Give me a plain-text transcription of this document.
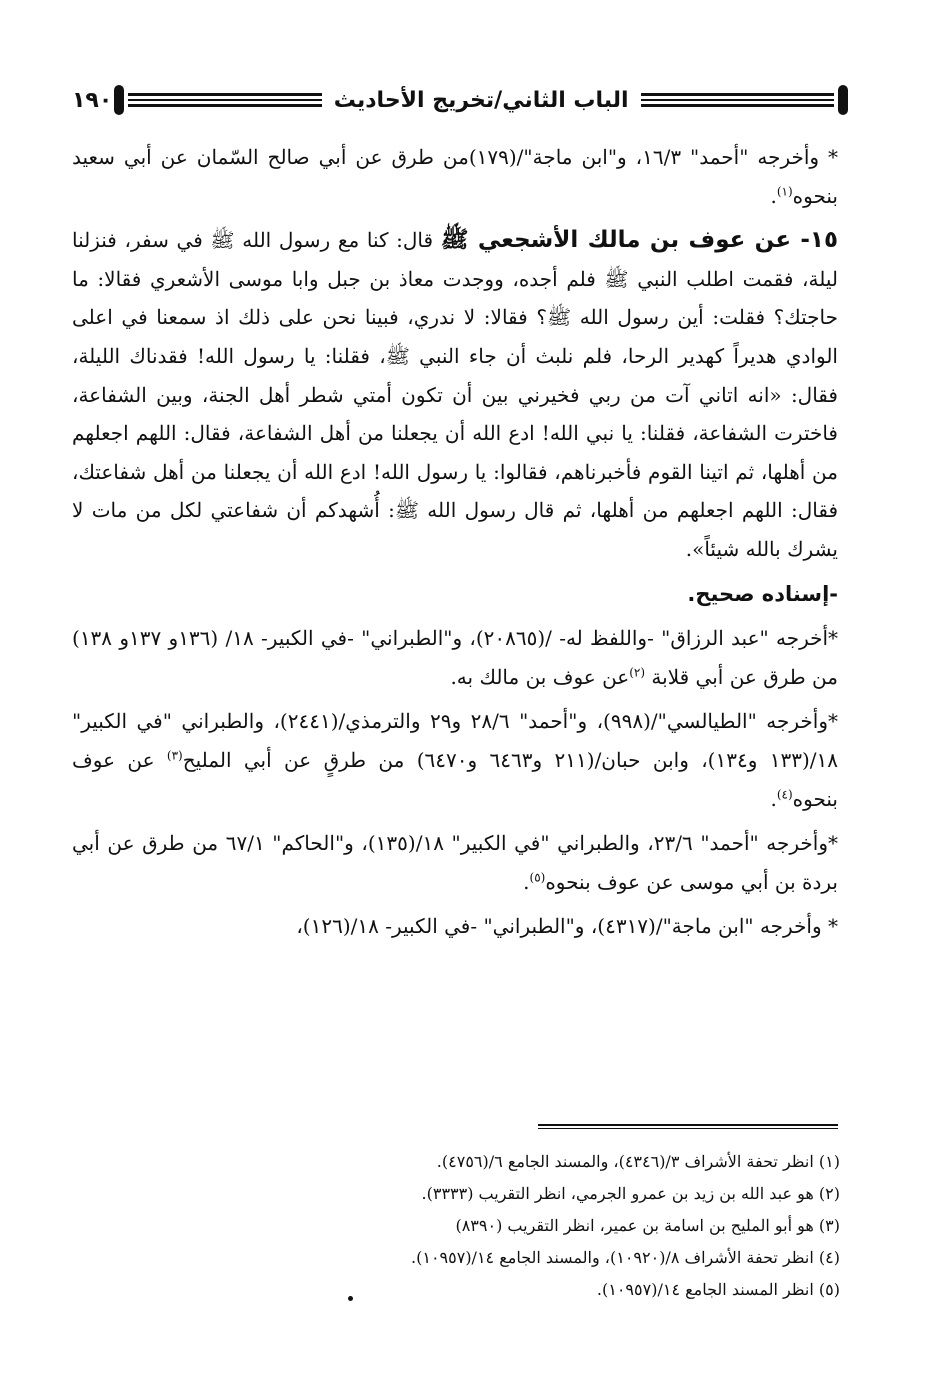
١٩٠	الباب الثاني/تخريج الأحاديث

* وأخرجه "أحمد" ١٦/٣، و"ابن ماجة"/(١٧٩)من طرق عن أبي صالح السّمان عن أبي سعيد بنحوه$^{(١)}$.

١٥- عن عوف بن مالك الأشجعي ﷺ قال: كنا مع رسول الله ﷺ في سفر، فنزلنا ليلة، فقمت اطلب النبي ﷺ فلم أجده، ووجدت معاذ بن جبل وابا موسى الأشعري فقالا: ما حاجتك؟ فقلت: أين رسول الله ﷺ؟ فقالا: لا ندري، فبينا نحن على ذلك اذ سمعنا في اعلى الوادي هديراً كهدير الرحا، فلم نلبث أن جاء النبي ﷺ، فقلنا: يا رسول الله! فقدناك الليلة، فقال: «انه اتاني آت من ربي فخيرني بين أن تكون أمتي شطر أهل الجنة، وبين الشفاعة، فاخترت الشفاعة، فقلنا: يا نبي الله! ادع الله أن يجعلنا من أهل الشفاعة، فقال: اللهم اجعلهم من أهلها، ثم اتينا القوم فأخبرناهم، فقالوا: يا رسول الله! ادع الله أن يجعلنا من أهل شفاعتك، فقال: اللهم اجعلهم من أهلها، ثم قال رسول الله ﷺ: أُشهدكم أن شفاعتي لكل من مات لا يشرك بالله شيئاً».

-إسناده صحيح.

*أخرجه "عبد الرزاق" -واللفظ له- /(٢٠٨٦٥)، و"الطبراني" -في الكبير- ١٨/ (١٣٦و ١٣٧و ١٣٨) من طرق عن أبي قلابة $^{(٢)}$عن عوف بن مالك به.

*وأخرجه "الطيالسي"/(٩٩٨)، و"أحمد" ٢٨/٦ و٢٩ والترمذي/(٢٤٤١)، والطبراني "في الكبير" ١٨/(١٣٣ و١٣٤)، وابن حبان/(٢١١ و٦٤٦٣ و٦٤٧٠) من طرقٍ عن أبي المليح$^{(٣)}$ عن عوف بنحوه$^{(٤)}$.

*وأخرجه "أحمد" ٢٣/٦، والطبراني "في الكبير" ١٨/(١٣٥)، و"الحاكم" ٦٧/١ من طرق عن أبي بردة بن أبي موسى عن عوف بنحوه$^{(٥)}$.

* وأخرجه "ابن ماجة"/(٤٣١٧)، و"الطبراني" -في الكبير- ١٨/(١٢٦)،

(١) انظر تحفة الأشراف ٣/(٤٣٤٦)، والمسند الجامع ٦/(٤٧٥٦).
(٢) هو عبد الله بن زيد بن عمرو الجرمي، انظر التقريب (٣٣٣٣).
(٣) هو أبو المليح بن اسامة بن عمير، انظر التقريب (٨٣٩٠)
(٤) انظر تحفة الأشراف ٨/(١٠٩٢٠)، والمسند الجامع ١٤/(١٠٩٥٧).
(٥) انظر المسند الجامع ١٤/(١٠٩٥٧).
